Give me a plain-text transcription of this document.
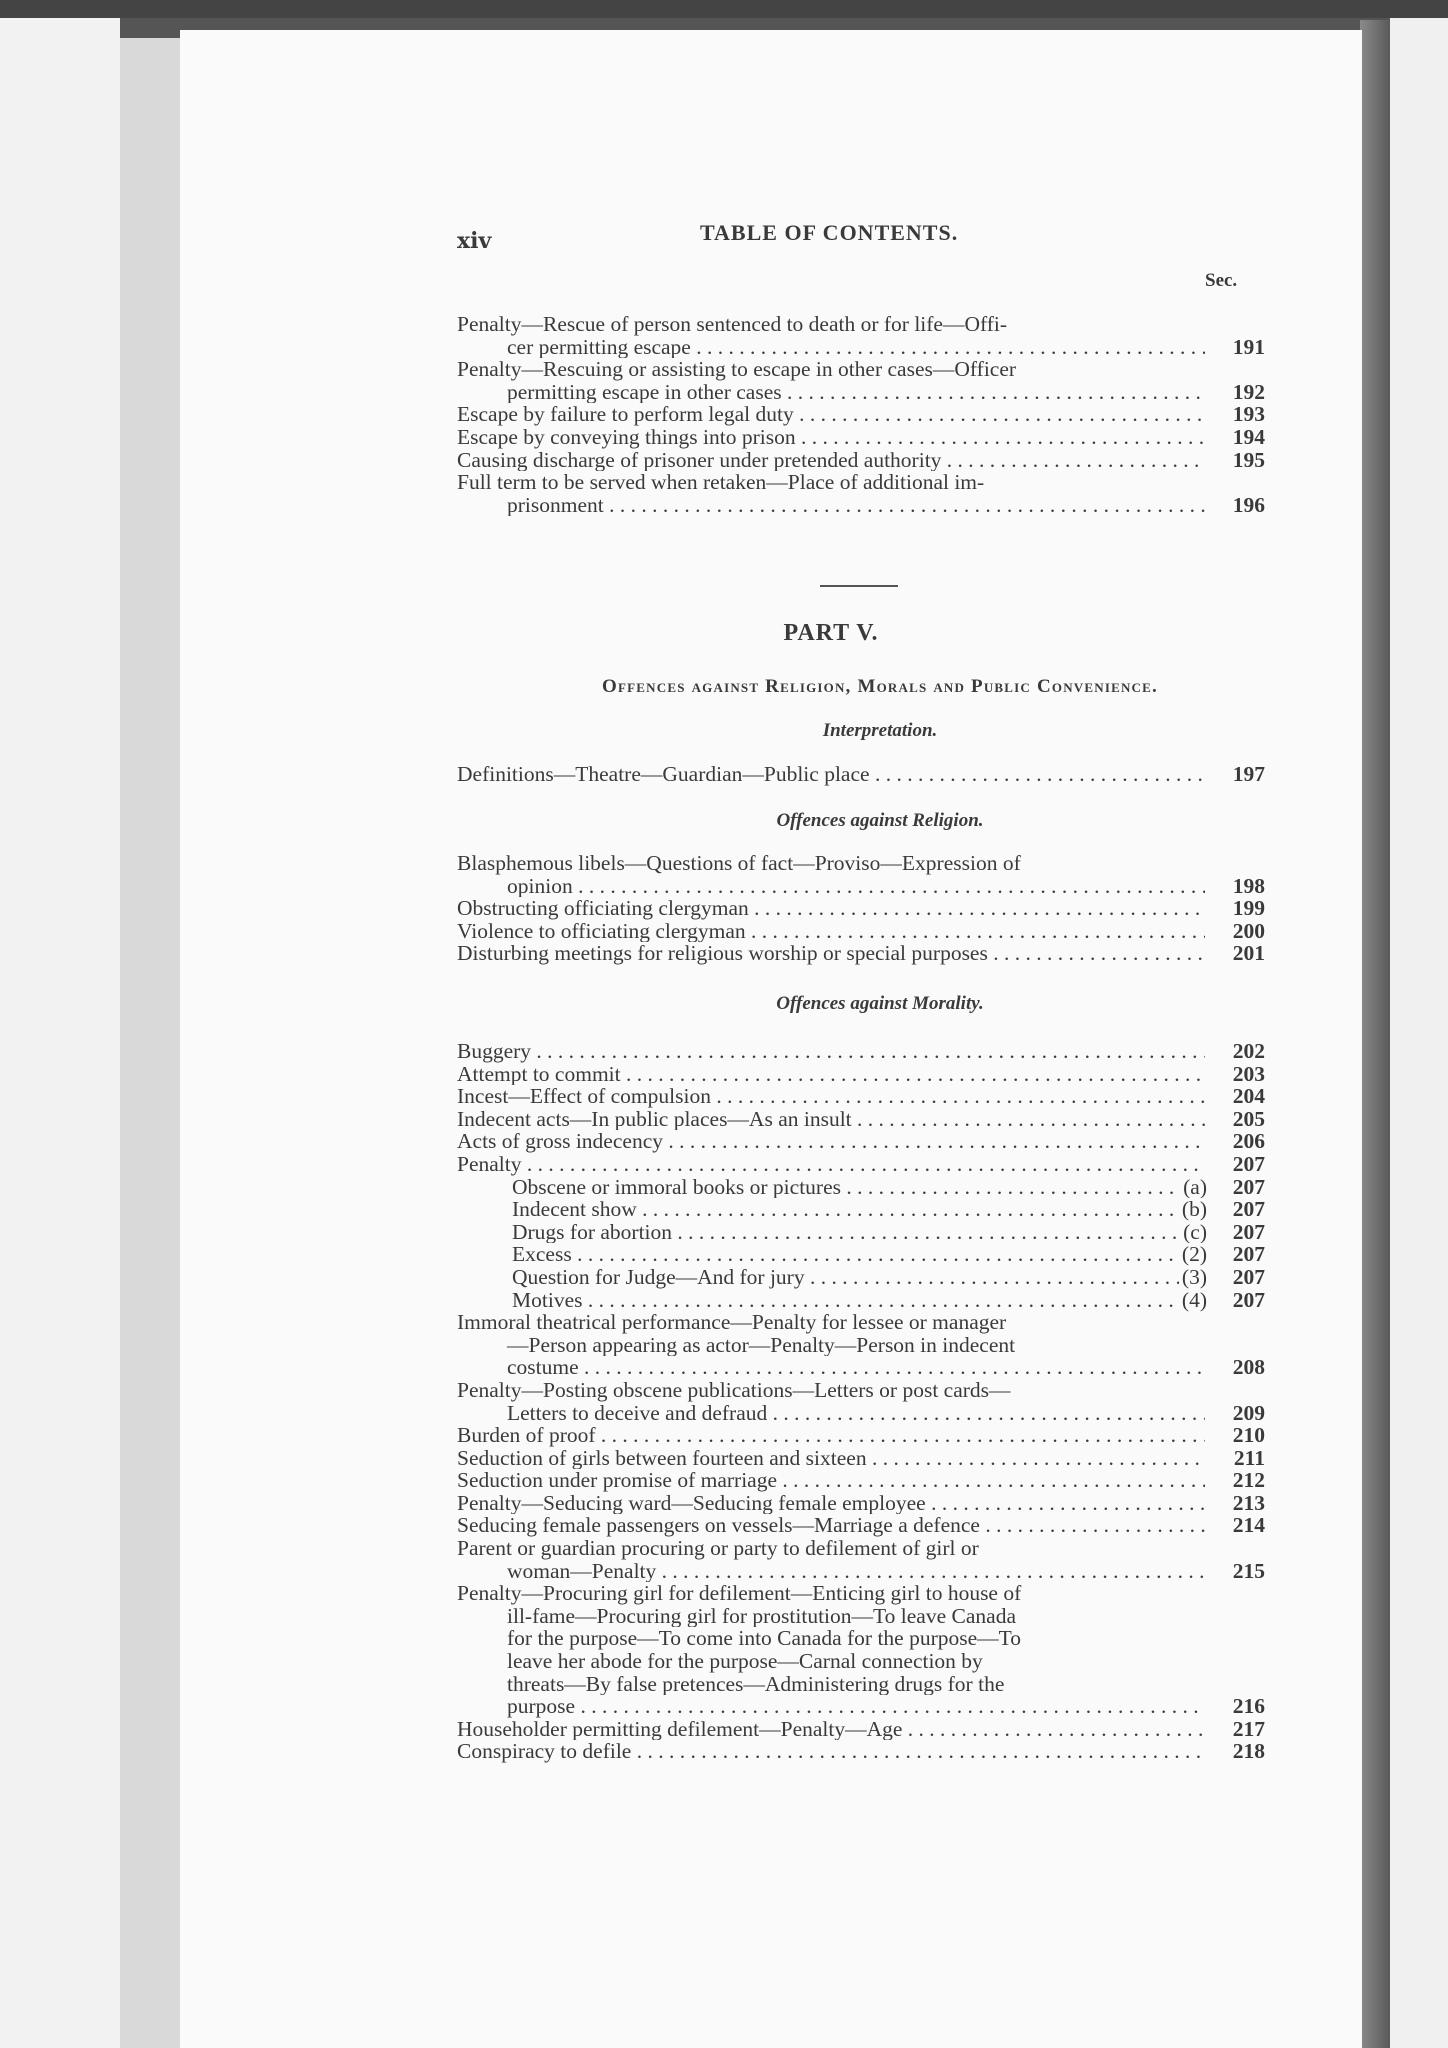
xiv	TABLE OF CONTENTS.
Sec.
Penalty—Rescue of person sentenced to death or for life—Offi-
cer permitting escape . . .	191
Penalty—Rescuing or assisting to escape in other cases—Officer
permitting escape in other cases . . .	192
Escape by failure to perform legal duty . . .	193
Escape by conveying things into prison . . .	194
Causing discharge of prisoner under pretended authority . . .	195
Full term to be served when retaken—Place of additional im-
prisonment . . .	196
PART V.
Offences against Religion, Morals and Public Convenience.
Interpretation.
Definitions—Theatre—Guardian—Public place . . .	197
Offences against Religion.
Blasphemous libels—Questions of fact—Proviso—Expression of
opinion . . .	198
Obstructing officiating clergyman . . .	199
Violence to officiating clergyman . . .	200
Disturbing meetings for religious worship or special purposes . . .	201
Offences against Morality.
Buggery . . .	202
Attempt to commit . . .	203
Incest—Effect of compulsion . . .	204
Indecent acts—In public places—As an insult . . .	205
Acts of gross indecency . . .	206
Penalty . . .	207
Obscene or immoral books or pictures . . .	(a)	207
Indecent show . . .	(b)	207
Drugs for abortion . . .	(c)	207
Excess . . .	(2)	207
Question for Judge—And for jury . . .	(3)	207
Motives . . .	(4)	207
Immoral theatrical performance—Penalty for lessee or manager
—Person appearing as actor—Penalty—Person in indecent
costume . . .	208
Penalty—Posting obscene publications—Letters or post cards—
Letters to deceive and defraud . . .	209
Burden of proof . . .	210
Seduction of girls between fourteen and sixteen . . .	211
Seduction under promise of marriage . . .	212
Penalty—Seducing ward—Seducing female employee . . .	213
Seducing female passengers on vessels—Marriage a defence . . .	214
Parent or guardian procuring or party to defilement of girl or
woman—Penalty . . .	215
Penalty—Procuring girl for defilement—Enticing girl to house of
ill-fame—Procuring girl for prostitution—To leave Canada
for the purpose—To come into Canada for the purpose—To
leave her abode for the purpose—Carnal connection by
threats—By false pretences—Administering drugs for the
purpose . . .	216
Householder permitting defilement—Penalty—Age . . .	217
Conspiracy to defile . . .	218
